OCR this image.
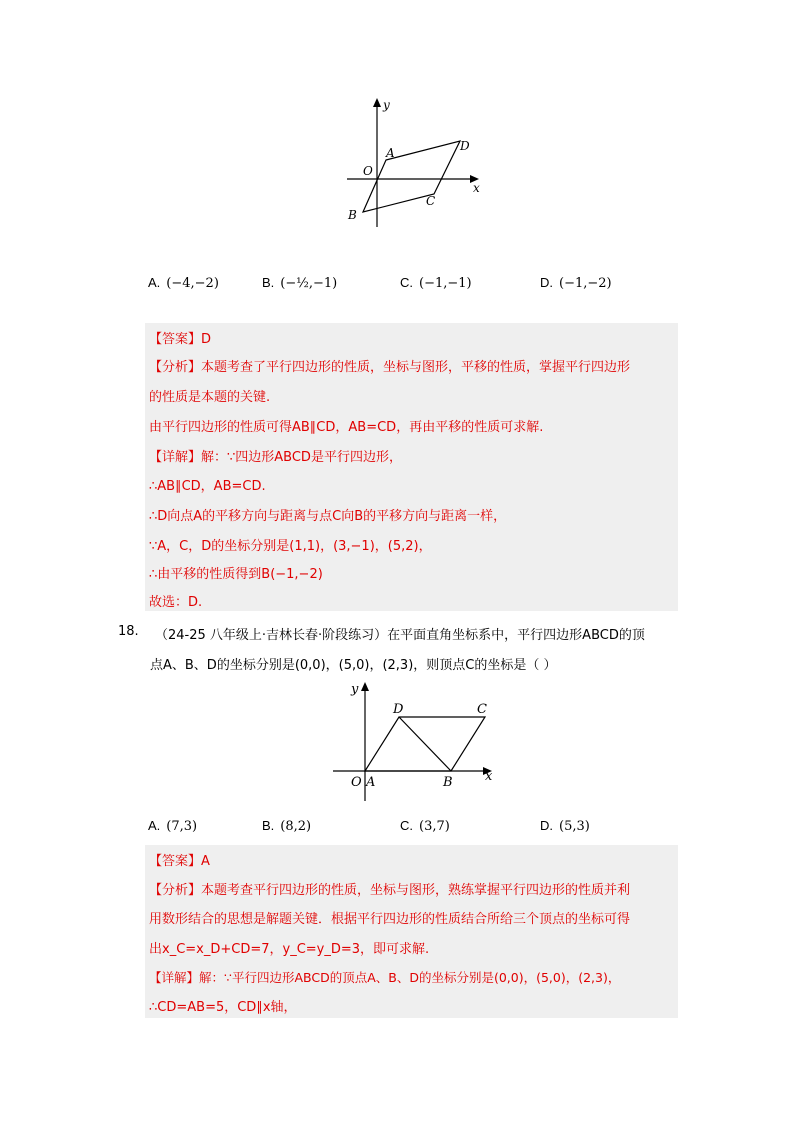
y
x
O
A	D
C
B
A. (−4,−2)	B. (−½,−1)	C. (−1,−1)	D. (−1,−2)
【答案】D
【分析】本题考查了平行四边形的性质，坐标与图形，平移的性质，掌握平行四边形
的性质是本题的关键.
由平行四边形的性质可得AB∥CD，AB=CD，再由平移的性质可求解.
【详解】解：∵四边形ABCD是平行四边形，
∴AB∥CD，AB=CD.
∴D向点A的平移方向与距离与点C向B的平移方向与距离一样，
∵A，C，D的坐标分别是(1,1)，(3,−1)，(5,2)，
∴由平移的性质得到B(−1,−2)
故选：D.
18. （24-25 八年级上·吉林长春·阶段练习）在平面直角坐标系中，平行四边形ABCD的顶
点A、B、D的坐标分别是(0,0)，(5,0)，(2,3)，则顶点C的坐标是（ ）
y
x
O A	B
C
D
A. (7,3)	B. (8,2)	C. (3,7)	D. (5,3)
【答案】A
【分析】本题考查平行四边形的性质，坐标与图形，熟练掌握平行四边形的性质并利
用数形结合的思想是解题关键．根据平行四边形的性质结合所给三个顶点的坐标可得
出x_C=x_D+CD=7，y_C=y_D=3，即可求解.
【详解】解：∵平行四边形ABCD的顶点A、B、D的坐标分别是(0,0)，(5,0)，(2,3)，
∴CD=AB=5，CD∥x轴，
